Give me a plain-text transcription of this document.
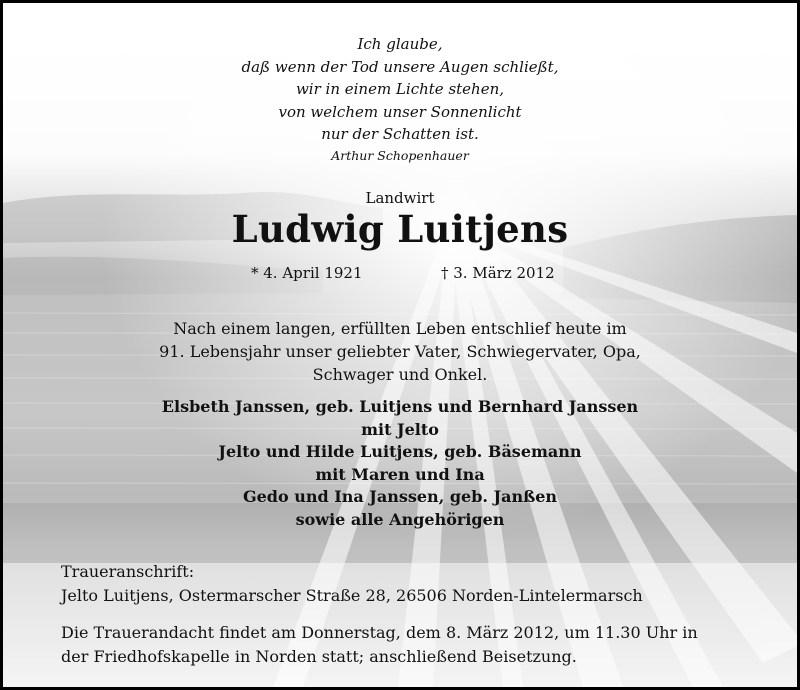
Ich glaube,
daß wenn der Tod unsere Augen schließt,
wir in einem Lichte stehen,
von welchem unser Sonnenlicht
nur der Schatten ist.
Arthur Schopenhauer
Landwirt
Ludwig Luitjens
* 4. April 1921	† 3. März 2012
Nach einem langen, erfüllten Leben entschlief heute im
91. Lebensjahr unser geliebter Vater, Schwiegervater, Opa,
Schwager und Onkel.
Elsbeth Janssen, geb. Luitjens und Bernhard Janssen
mit Jelto
Jelto und Hilde Luitjens, geb. Bäsemann
mit Maren und Ina
Gedo und Ina Janssen, geb. Janßen
sowie alle Angehörigen
Traueranschrift:
Jelto Luitjens, Ostermarscher Straße 28, 26506 Norden-Lintelermarsch
Die Trauerandacht findet am Donnerstag, dem 8. März 2012, um 11.30 Uhr in
der Friedhofskapelle in Norden statt; anschließend Beisetzung.
